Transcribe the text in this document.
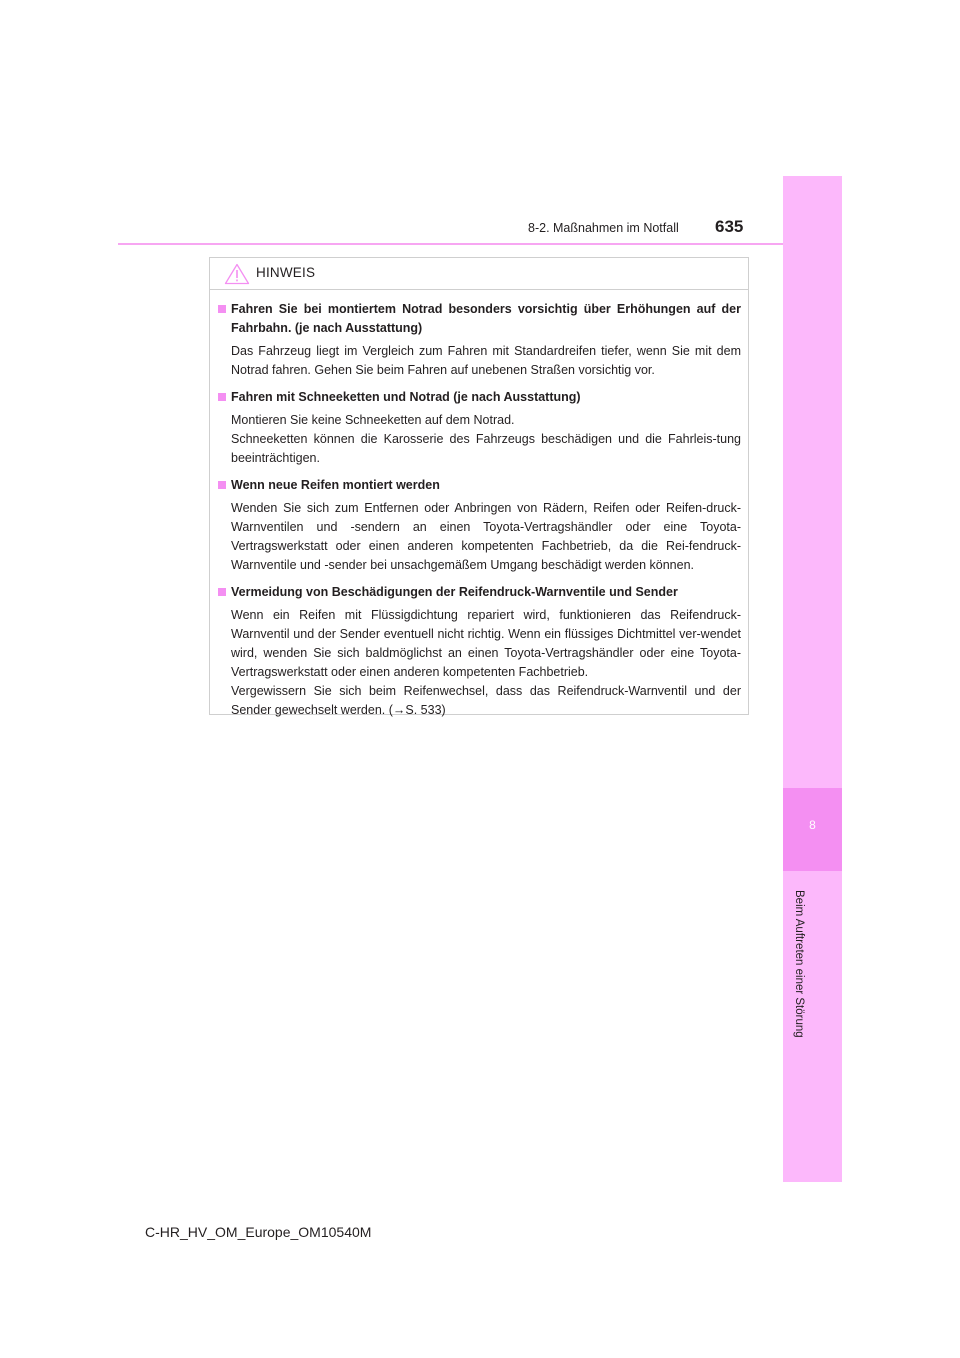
635
8-2. Maßnahmen im Notfall
8
Beim Auftreten einer Störung
HINWEIS
Fahren Sie bei montiertem Notrad besonders vorsichtig über Erhöhungen auf der Fahrbahn. (je nach Ausstattung)

Das Fahrzeug liegt im Vergleich zum Fahren mit Standardreifen tiefer, wenn Sie mit dem Notrad fahren. Gehen Sie beim Fahren auf unebenen Straßen vorsichtig vor.

Fahren mit Schneeketten und Notrad (je nach Ausstattung)

Montieren Sie keine Schneeketten auf dem Notrad.

Schneeketten können die Karosserie des Fahrzeugs beschädigen und die Fahrleis-tung beeinträchtigen.

Wenn neue Reifen montiert werden

Wenden Sie sich zum Entfernen oder Anbringen von Rädern, Reifen oder Reifen-druck-Warnventilen und -sendern an einen Toyota-Vertragshändler oder eine Toyota-Vertragswerkstatt oder einen anderen kompetenten Fachbetrieb, da die Rei-fendruck-Warnventile und -sender bei unsachgemäßem Umgang beschädigt werden können.

Vermeidung von Beschädigungen der Reifendruck-Warnventile und Sender

Wenn ein Reifen mit Flüssigdichtung repariert wird, funktionieren das Reifendruck-Warnventil und der Sender eventuell nicht richtig. Wenn ein flüssiges Dichtmittel ver-wendet wird, wenden Sie sich baldmöglichst an einen Toyota-Vertragshändler oder eine Toyota-Vertragswerkstatt oder einen anderen kompetenten Fachbetrieb.

Vergewissern Sie sich beim Reifenwechsel, dass das Reifendruck-Warnventil und der Sender gewechselt werden. (→S. 533)

C-HR_HV_OM_Europe_OM10540M
